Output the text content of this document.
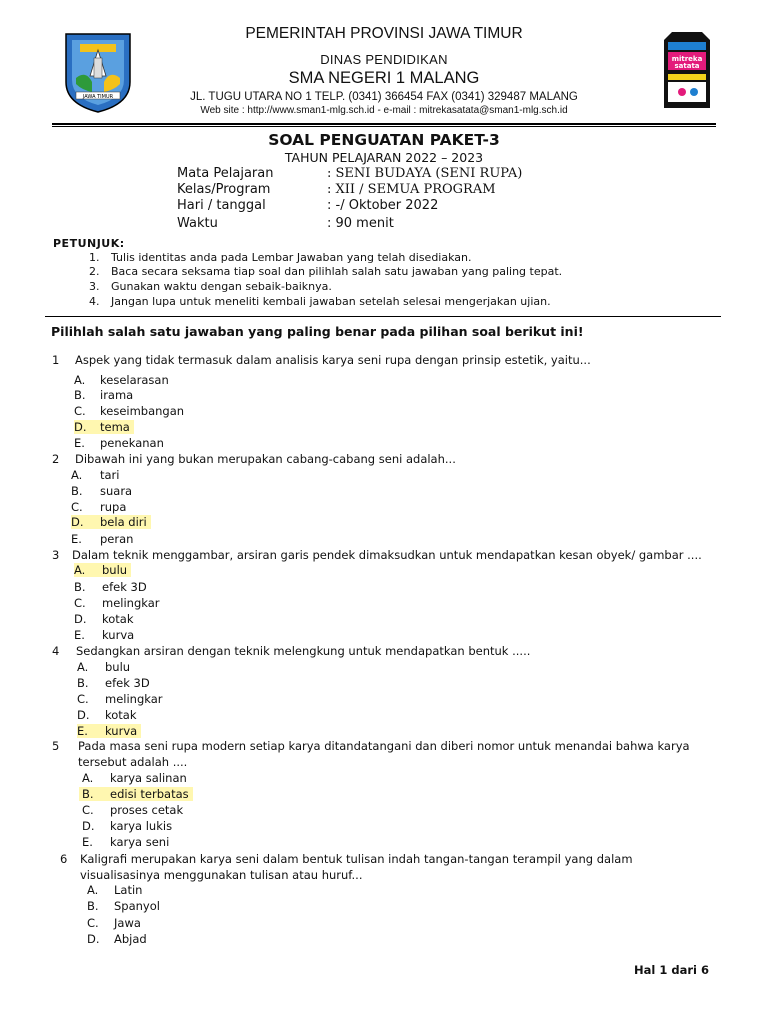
JAWA TIMUR
mitreka
satata
PEMERINTAH PROVINSI JAWA TIMUR
DINAS PENDIDIKAN
SMA NEGERI 1 MALANG
JL. TUGU UTARA NO 1 TELP. (0341) 366454 FAX (0341) 329487 MALANG
Web site : http://www.sman1-mlg.sch.id - e-mail : mitrekasatata@sman1-mlg.sch.id
SOAL PENGUATAN PAKET-3
TAHUN PELAJARAN 2022 – 2023
Mata Pelajaran	: SENI BUDAYA (SENI RUPA)
Kelas/Program	: XII / SEMUA PROGRAM
Hari / tanggal	: -/ Oktober 2022
Waktu	: 90 menit
PETUNJUK:
1. Tulis identitas anda pada Lembar Jawaban yang telah disediakan.
2. Baca secara seksama tiap soal dan pilihlah salah satu jawaban yang paling tepat.
3. Gunakan waktu dengan sebaik-baiknya.
4. Jangan lupa untuk meneliti kembali jawaban setelah selesai mengerjakan ujian.
Pilihlah salah satu jawaban yang paling benar pada pilihan soal berikut ini!
1 Aspek yang tidak termasuk dalam analisis karya seni rupa dengan prinsip estetik, yaitu...
A. keselarasan
B. irama
C. keseimbangan
D. tema
E. penekanan
2 Dibawah ini yang bukan merupakan cabang-cabang seni adalah...
A. tari
B. suara
C. rupa
D. bela diri
E. peran
3 Dalam teknik menggambar, arsiran garis pendek dimaksudkan untuk mendapatkan kesan obyek/ gambar ....
A. bulu
B. efek 3D
C. melingkar
D. kotak
E. kurva
4 Sedangkan arsiran dengan teknik melengkung untuk mendapatkan bentuk .....
A. bulu
B. efek 3D
C. melingkar
D. kotak
E. kurva
5 Pada masa seni rupa modern setiap karya ditandatangani dan diberi nomor untuk menandai bahwa karya
tersebut adalah ....
A. karya salinan
B. edisi terbatas
C. proses cetak
D. karya lukis
E. karya seni
6 Kaligrafi merupakan karya seni dalam bentuk tulisan indah tangan-tangan terampil yang dalam
visualisasinya menggunakan tulisan atau huruf...
A. Latin
B. Spanyol
C. Jawa
D. Abjad
Hal 1 dari 6
